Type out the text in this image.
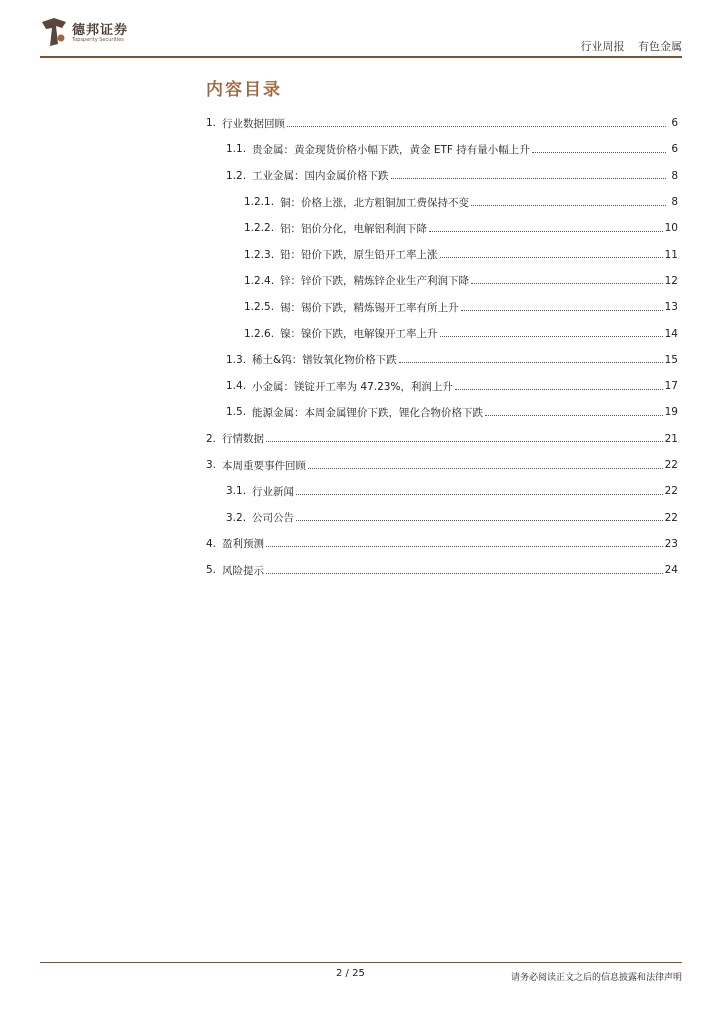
德邦证券
Topsperity Securities	行业周报 有色金属
内容目录
1. 行业数据回顾	6
1.1. 贵金属：黄金现货价格小幅下跌，黄金 ETF 持有量小幅上升	6
1.2. 工业金属：国内金属价格下跌	8
1.2.1. 铜：价格上涨，北方粗铜加工费保持不变	8
1.2.2. 铝：铝价分化，电解铝利润下降	10
1.2.3. 铅：铅价下跌，原生铅开工率上涨	11
1.2.4. 锌：锌价下跌，精炼锌企业生产利润下降	12
1.2.5. 锡：锡价下跌，精炼锡开工率有所上升	13
1.2.6. 镍：镍价下跌，电解镍开工率上升	14
1.3. 稀土&钨：镨钕氧化物价格下跌	15
1.4. 小金属：镁锭开工率为 47.23%，利润上升	17
1.5. 能源金属：本周金属锂价下跌，锂化合物价格下跌	19
2. 行情数据	21
3. 本周重要事件回顾	22
3.1. 行业新闻	22
3.2. 公司公告	22
4. 盈利预测	23
5. 风险提示	24
2 / 25	请务必阅读正文之后的信息披露和法律声明
